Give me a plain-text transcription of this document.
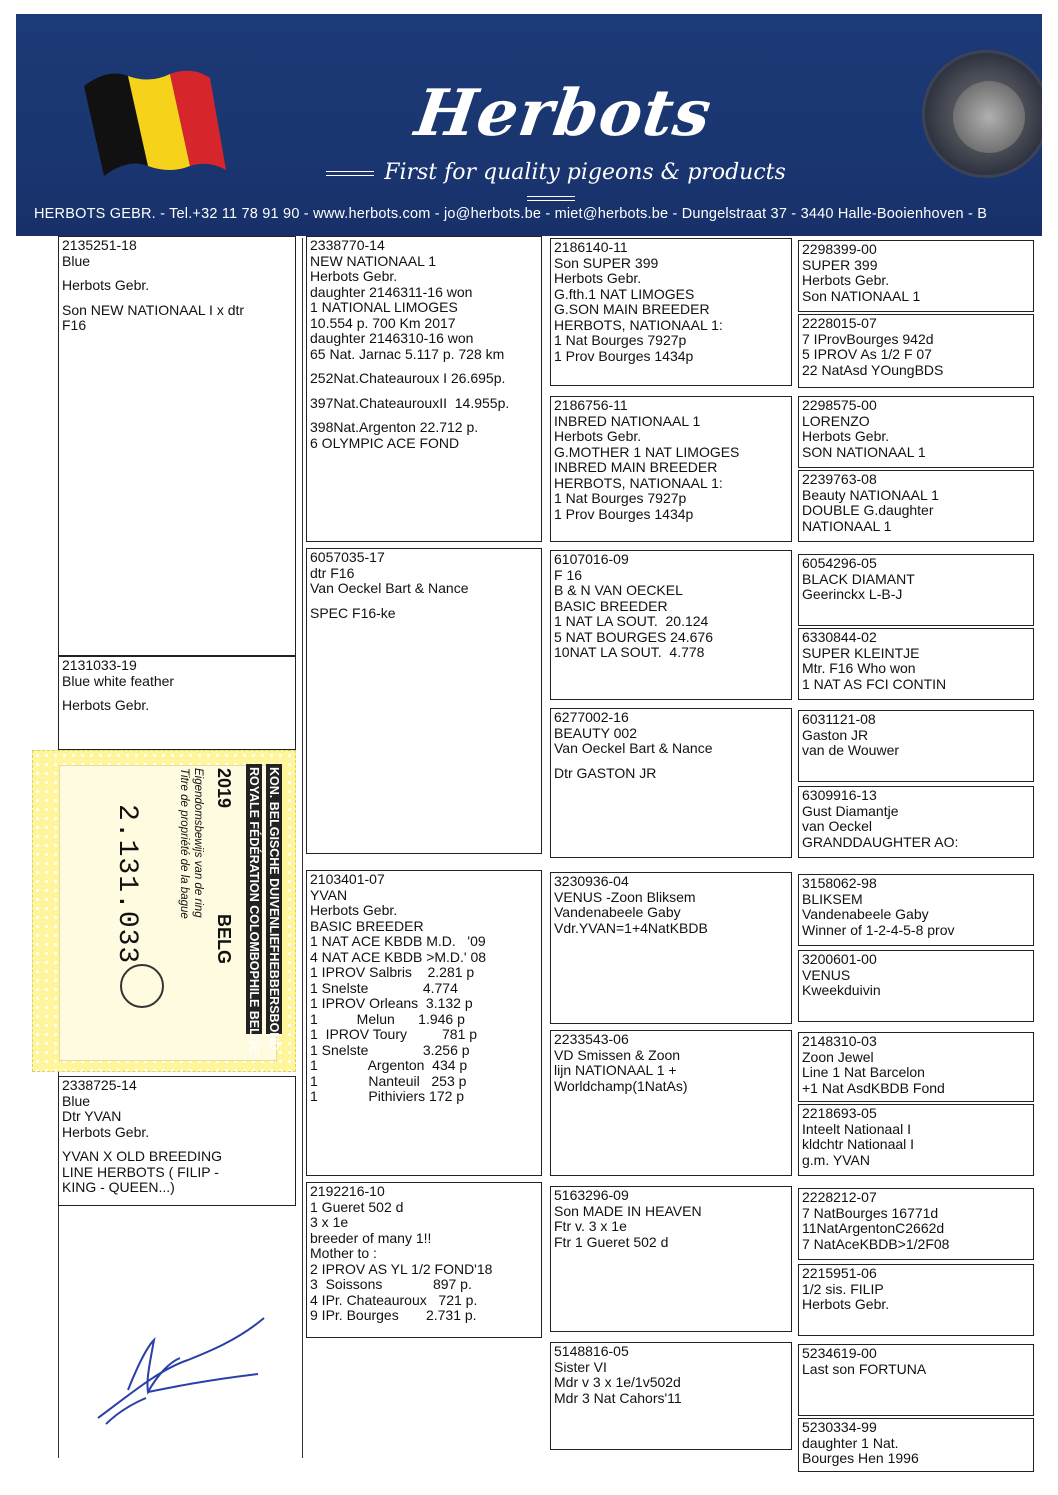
Herbots
First for quality pigeons & products
HERBOTS GEBR. - Tel.+32 11 78 91 90 - www.herbots.com - jo@herbots.be - miet@herbots.be - Dungelstraat 37 - 3440 Halle-Booienhoven - B
2135251-18
Blue
Herbots Gebr.
Son NEW NATIONAAL I x dtr
F16
2338770-14
NEW NATIONAAL 1
Herbots Gebr.
daughter 2146311-16 won
1 NATIONAL LIMOGES
10.554 p. 700 Km 2017
daughter 2146310-16 won
65 Nat. Jarnac 5.117 p. 728 km
252Nat.Chateauroux I 26.695p.
397Nat.ChateaurouxII  14.955p.
398Nat.Argenton 22.712 p.
6 OLYMPIC ACE FOND
2186140-11
Son SUPER 399
Herbots Gebr.
G.fth.1 NAT LIMOGES
G.SON MAIN BREEDER
HERBOTS, NATIONAAL 1:
1 Nat Bourges 7927p
1 Prov Bourges 1434p
2298399-00
SUPER 399
Herbots Gebr.
Son NATIONAAL 1
2228015-07
7 IProvBourges 942d
5 IPROV As 1/2 F 07
22 NatAsd YOungBDS
2186756-11
INBRED NATIONAAL 1
Herbots Gebr.
G.MOTHER 1 NAT LIMOGES
INBRED MAIN BREEDER
HERBOTS, NATIONAAL 1:
1 Nat Bourges 7927p
1 Prov Bourges 1434p
2298575-00
LORENZO
Herbots Gebr.
SON NATIONAAL 1
2239763-08
Beauty NATIONAAL 1
DOUBLE G.daughter
NATIONAAL 1
6057035-17
dtr F16
Van Oeckel Bart & Nance
SPEC F16-ke
6107016-09
F 16
B & N VAN OECKEL
BASIC BREEDER
1 NAT LA SOUT.  20.124
5 NAT BOURGES 24.676
10NAT LA SOUT.  4.778
6054296-05
BLACK DIAMANT
Geerinckx L-B-J
6330844-02
SUPER KLEINTJE
Mtr. F16 Who won
1 NAT AS FCI CONTIN
6277002-16
BEAUTY 002
Van Oeckel Bart & Nance
Dtr GASTON JR
6031121-08
Gaston JR
van de Wouwer
6309916-13
Gust Diamantje
van Oeckel
GRANDDAUGHTER AO:
2131033-19
Blue white feather
Herbots Gebr.
2103401-07
YVAN
Herbots Gebr.
BASIC BREEDER
1 NAT ACE KBDB M.D.   '09
4 NAT ACE KBDB >M.D.' 08
1 IPROV Salbris    2.281 p
1 Snelste              4.774
1 IPROV Orleans  3.132 p
1          Melun      1.946 p
1  IPROV Toury         781 p
1 Snelste              3.256 p
1             Argenton  434 p
1             Nanteuil   253 p
1             Pithiviers 172 p
3230936-04
VENUS -Zoon Bliksem
Vandenabeele Gaby
Vdr.YVAN=1+4NatKBDB
3158062-98
BLIKSEM
Vandenabeele Gaby
Winner of 1-2-4-5-8 prov
3200601-00
VENUS
Kweekduivin
2233543-06
VD Smissen & Zoon
lijn NATIONAAL 1 +
Worldchamp(1NatAs)
2148310-03
Zoon Jewel
Line 1 Nat Barcelon
+1 Nat AsdKBDB Fond
2218693-05
Inteelt Nationaal I
kldchtr Nationaal I
g.m. YVAN
2338725-14
Blue
Dtr YVAN
Herbots Gebr.
YVAN X OLD BREEDING
LINE HERBOTS ( FILIP -
KING - QUEEN...)	2192216-10
1 Gueret 502 d
3 x 1e
breeder of many 1!!
Mother to :
2 IPROV AS YL 1/2 FOND'18
3  Soissons             897 p.
4 IPr. Chateauroux   721 p.
9 IPr. Bourges       2.731 p.
5163296-09
Son MADE IN HEAVEN
Ftr v. 3 x 1e
Ftr 1 Gueret 502 d
2228212-07
7 NatBourges 16771d
11NatArgentonC2662d
7 NatAceKBDB>1/2F08
2215951-06
1/2 sis. FILIP
Herbots Gebr.
5148816-05
Sister VI
Mdr v 3 x 1e/1v502d
Mdr 3 Nat Cahors'11
5234619-00
Last son FORTUNA
5230334-99
daughter 1 Nat.
Bourges Hen 1996
KON. BELGISCHE DUIVENLIEFHEBBERSBOND
ROYALE FÉDÉRATION COLOMBOPHILE BELGE
2019
BELG
Eigendomsbewijs van de ring
Titre de propriété de la bague
2.131.033
